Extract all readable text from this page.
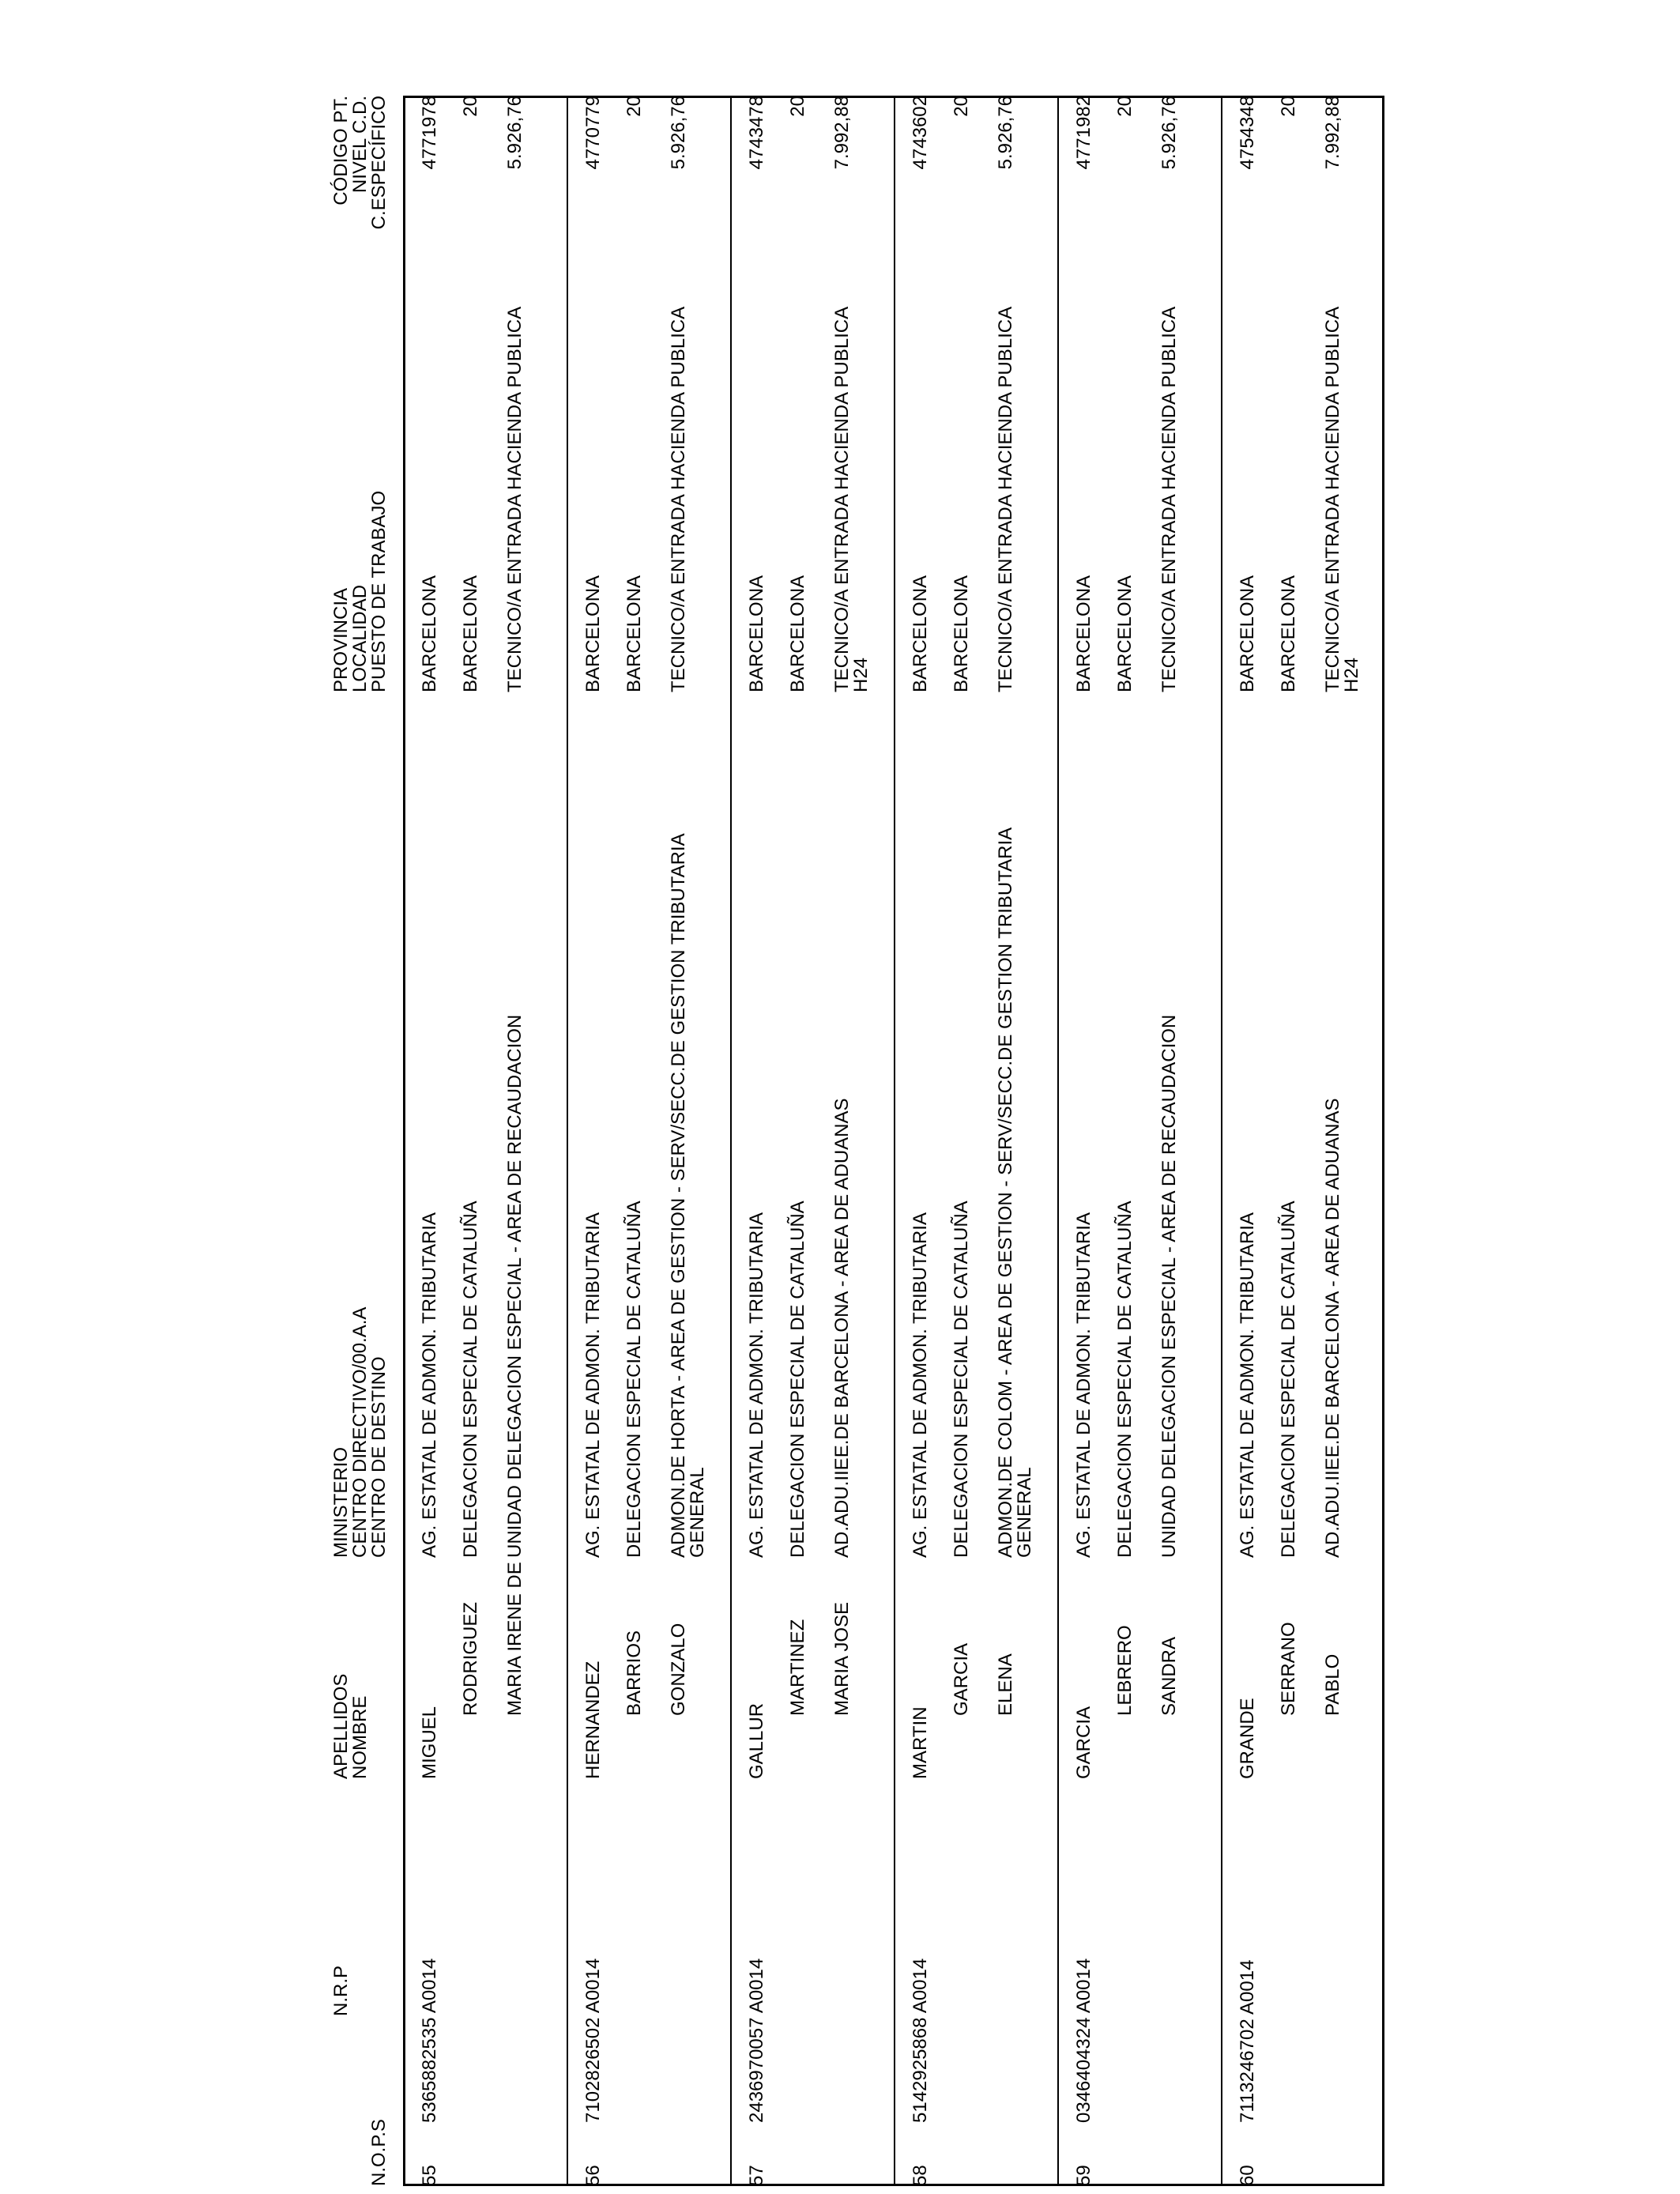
N.O.P.S
N.R.P
APELLIDOS
NOMBRE
MINISTERIO
CENTRO DIRECTIVO/00.A.A
CENTRO DE DESTINO
PROVINCIA
LOCALIDAD
PUESTO DE TRABAJO
CÓDIGO PT.
NIVEL C.D.
C.ESPECÍFICO
55
5365882535 A0014
MIGUEL
RODRIGUEZ MARIA IRENE DE
AG. ESTATAL DE ADMON. TRIBUTARIA DELEGACION ESPECIAL DE CATALUÑA UNIDAD DELEGACION ESPECIAL - AREA DE RECAUDACION
BARCELONA BARCELONA TECNICO/A ENTRADA HACIENDA PUBLICA
4771978 20 5.926,76
56
7102826502 A0014
HERNANDEZ BARRIOS GONZALO
AG. ESTATAL DE ADMON. TRIBUTARIA DELEGACION ESPECIAL DE CATALUÑA ADMON.DE HORTA - AREA DE GESTION - SERV/SECC.DE GESTION TRIBUTARIA GENERAL
BARCELONA BARCELONA TECNICO/A ENTRADA HACIENDA PUBLICA
4770779 20 5.926,76
57
2436970057 A0014
GALLUR
MARTINEZ MARIA JOSE
AG. ESTATAL DE ADMON. TRIBUTARIA DELEGACION ESPECIAL DE CATALUÑA AD.ADU.IIEE.DE BARCELONA - AREA DE ADUANAS
BARCELONA BARCELONA TECNICO/A ENTRADA HACIENDA PUBLICA H24
4743478 20 7.992,88
58
5142925868 A0014
MARTIN
GARCIA ELENA
AG. ESTATAL DE ADMON. TRIBUTARIA DELEGACION ESPECIAL DE CATALUÑA ADMON.DE COLOM - AREA DE GESTION - SERV/SECC.DE GESTION TRIBUTARIA GENERAL
BARCELONA BARCELONA TECNICO/A ENTRADA HACIENDA PUBLICA
4743602 20 5.926,76
59
0346404324 A0014
GARCIA
LEBRERO SANDRA
AG. ESTATAL DE ADMON. TRIBUTARIA DELEGACION ESPECIAL DE CATALUÑA UNIDAD DELEGACION ESPECIAL - AREA DE RECAUDACION
BARCELONA BARCELONA TECNICO/A ENTRADA HACIENDA PUBLICA
4771982 20 5.926,76
60
7113246702 A0014
GRANDE
SERRANO PABLO
AG. ESTATAL DE ADMON. TRIBUTARIA DELEGACION ESPECIAL DE CATALUÑA AD.ADU.IIEE.DE BARCELONA - AREA DE ADUANAS
BARCELONA BARCELONA TECNICO/A ENTRADA HACIENDA PUBLICA H24
4754348 20 7.992,88
